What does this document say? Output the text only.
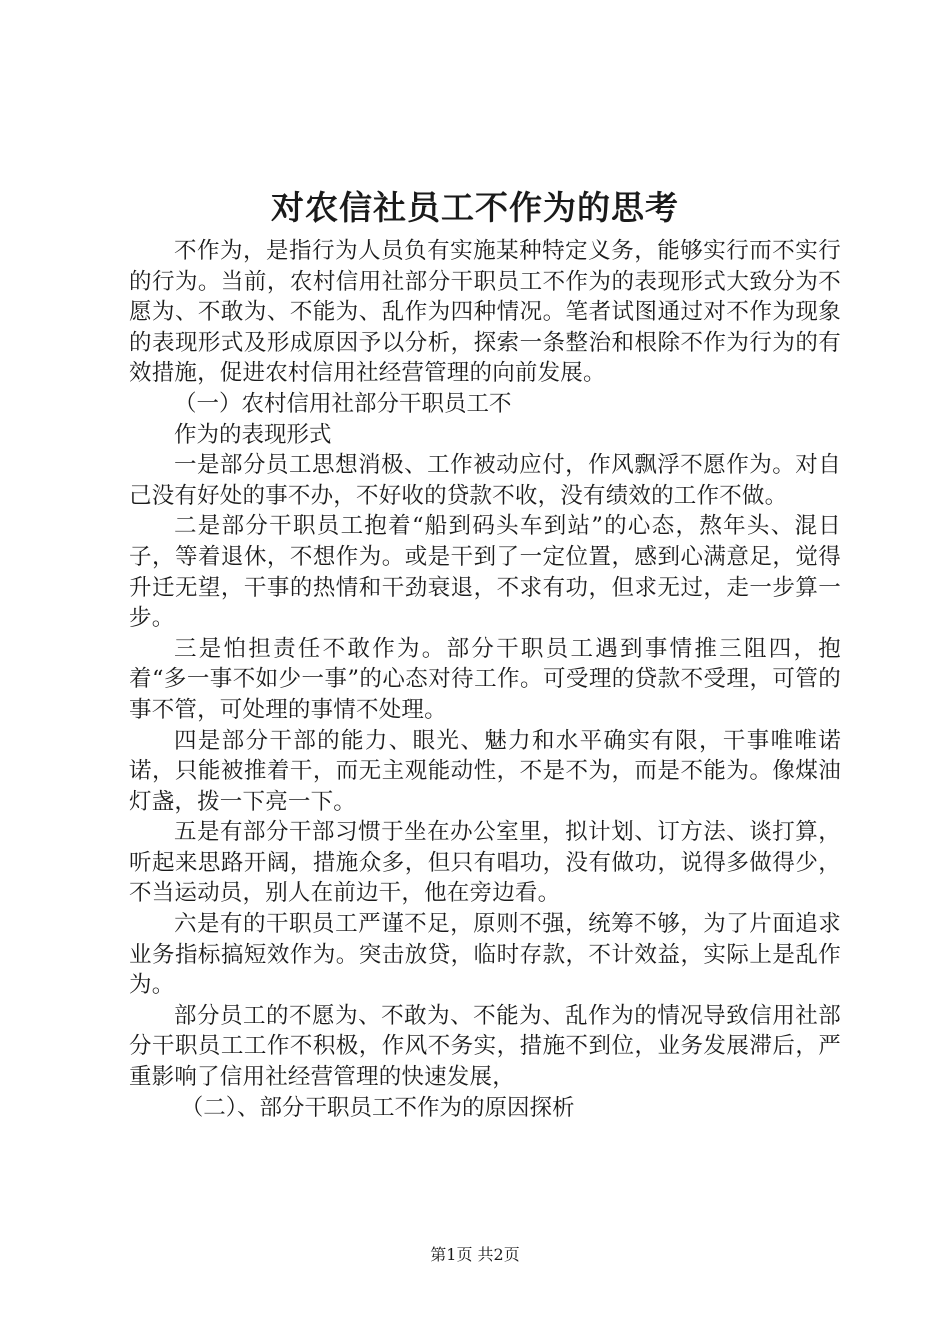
对农信社员工不作为的思考

不作为，是指行为人员负有实施某种特定义务，能够实行而不实行的行为。当前，农村信用社部分干职员工不作为的表现形式大致分为不愿为、不敢为、不能为、乱作为四种情况。笔者试图通过对不作为现象的表现形式及形成原因予以分析，探索一条整治和根除不作为行为的有效措施，促进农村信用社经营管理的向前发展。

（一）农村信用社部分干职员工不

作为的表现形式

一是部分员工思想消极、工作被动应付，作风飘浮不愿作为。对自己没有好处的事不办，不好收的贷款不收，没有绩效的工作不做。

二是部分干职员工抱着“船到码头车到站”的心态，熬年头、混日子，等着退休，不想作为。或是干到了一定位置，感到心满意足，觉得升迁无望，干事的热情和干劲衰退，不求有功，但求无过，走一步算一步。

三是怕担责任不敢作为。部分干职员工遇到事情推三阻四，抱着“多一事不如少一事”的心态对待工作。可受理的贷款不受理，可管的事不管，可处理的事情不处理。

四是部分干部的能力、眼光、魅力和水平确实有限，干事唯唯诺诺，只能被推着干，而无主观能动性，不是不为，而是不能为。像煤油灯盏，拨一下亮一下。

五是有部分干部习惯于坐在办公室里，拟计划、订方法、谈打算，听起来思路开阔，措施众多，但只有唱功，没有做功，说得多做得少，不当运动员，别人在前边干，他在旁边看。

六是有的干职员工严谨不足，原则不强，统筹不够，为了片面追求业务指标搞短效作为。突击放贷，临时存款，不计效益，实际上是乱作为。

部分员工的不愿为、不敢为、不能为、乱作为的情况导致信用社部分干职员工工作不积极，作风不务实，措施不到位，业务发展滞后，严重影响了信用社经营管理的快速发展，

（二）、部分干职员工不作为的原因探析

第1页 共2页
